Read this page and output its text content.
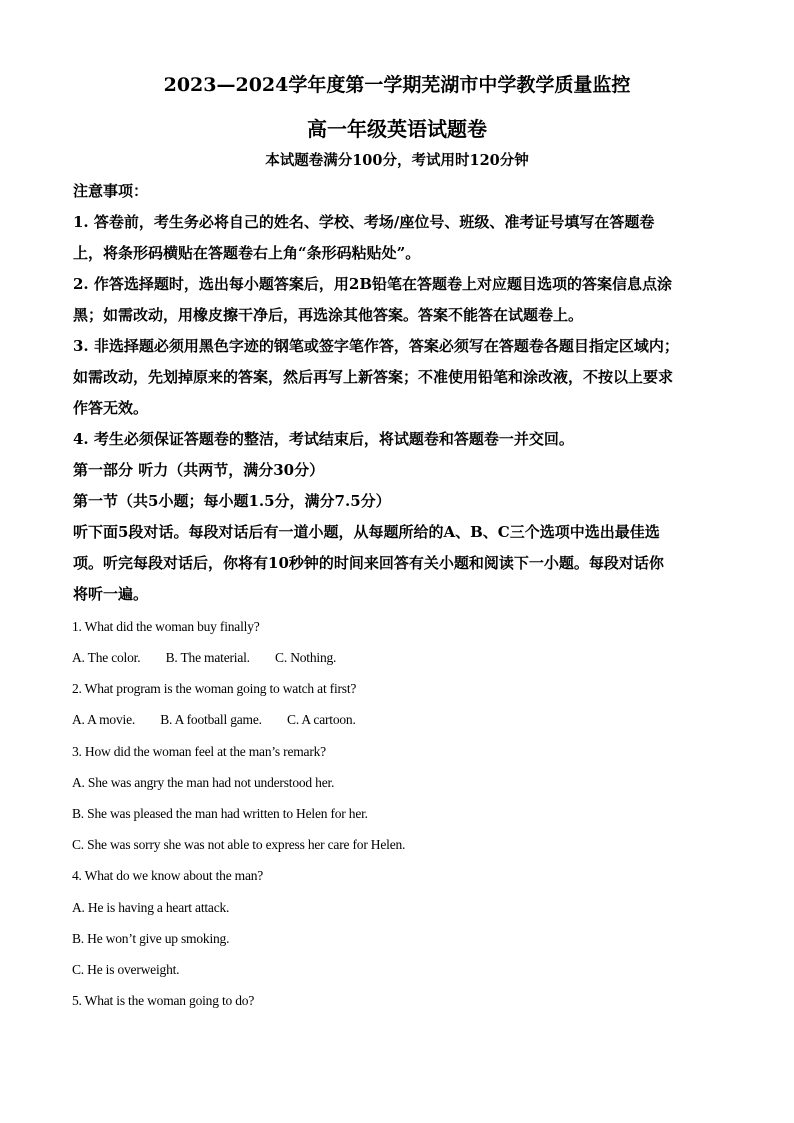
2023—2024学年度第一学期芜湖市中学教学质量监控
高一年级英语试题卷
本试题卷满分100分，考试用时120分钟
注意事项：
1. 答卷前，考生务必将自己的姓名、学校、考场/座位号、班级、准考证号填写在答题卷
上，将条形码横贴在答题卷右上角“条形码粘贴处”。
2. 作答选择题时，选出每小题答案后，用2B铅笔在答题卷上对应题目选项的答案信息点涂
黑；如需改动，用橡皮擦干净后，再选涂其他答案。答案不能答在试题卷上。
3. 非选择题必须用黑色字迹的钢笔或签字笔作答，答案必须写在答题卷各题目指定区域内；
如需改动，先划掉原来的答案，然后再写上新答案；不准使用铅笔和涂改液，不按以上要求
作答无效。
4. 考生必须保证答题卷的整洁，考试结束后，将试题卷和答题卷一并交回。
第一部分 听力（共两节，满分30分）
第一节（共5小题；每小题1.5分，满分7.5分）
听下面5段对话。每段对话后有一道小题，从每题所给的A、B、C三个选项中选出最佳选
项。听完每段对话后，你将有10秒钟的时间来回答有关小题和阅读下一小题。每段对话你
将听一遍。
1. What did the woman buy finally?
A. The color. B. The material. C. Nothing.
2. What program is the woman going to watch at first?
A. A movie. B. A football game. C. A cartoon.
3. How did the woman feel at the man’s remark?
A. She was angry the man had not understood her.
B. She was pleased the man had written to Helen for her.
C. She was sorry she was not able to express her care for Helen.
4. What do we know about the man?
A. He is having a heart attack.
B. He won’t give up smoking.
C. He is overweight.
5. What is the woman going to do?
